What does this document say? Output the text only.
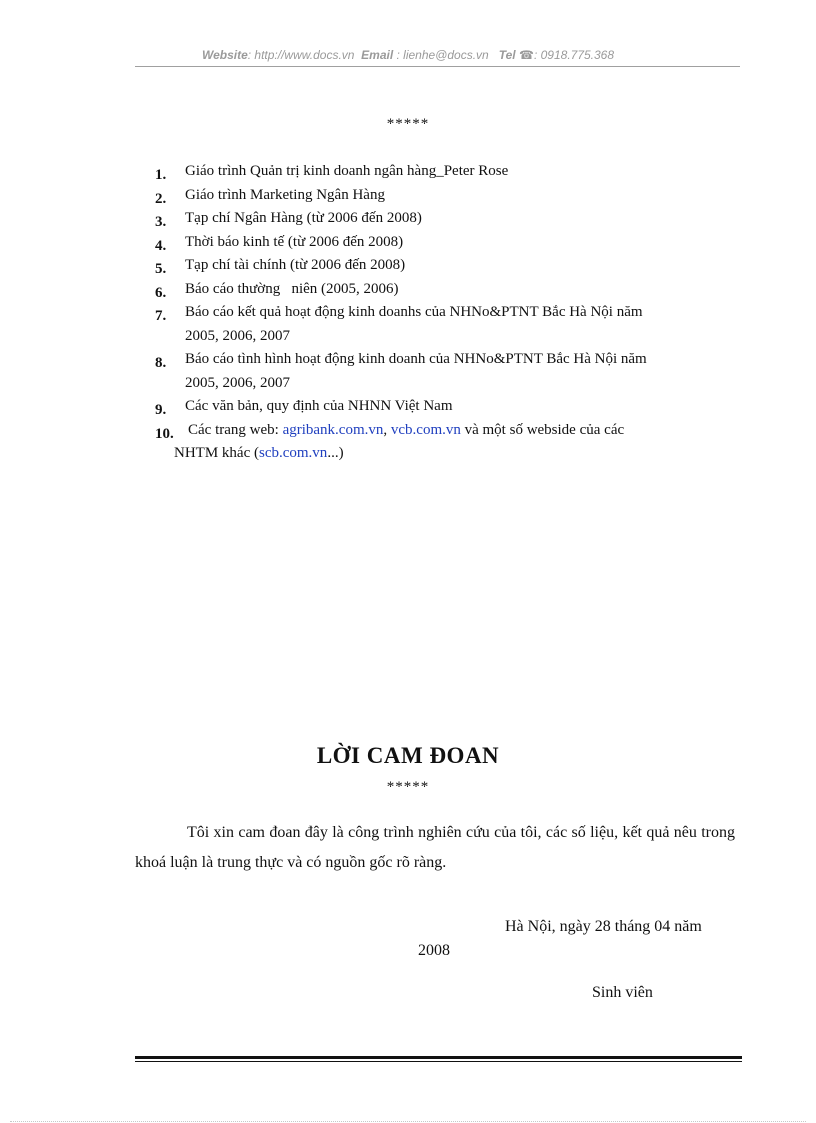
Website: http://www.docs.vn Email : lienhe@docs.vn Tel ☎: 0918.775.368
*****
1.	Giáo trình Quản trị kinh doanh ngân hàng_Peter Rose
2.	Giáo trình Marketing Ngân Hàng
3.	Tạp chí Ngân Hàng (từ 2006 đến 2008)
4.	Thời báo kinh tế (từ 2006 đến 2008)
5.	Tạp chí tài chính (từ 2006 đến 2008)
6.	Báo cáo thường   niên (2005, 2006)
7.	Báo cáo kết quả hoạt động kinh doanhs của NHNo&PTNT Bắc Hà Nội năm
2005, 2006, 2007
8.	Báo cáo tình hình hoạt động kinh doanh của NHNo&PTNT Bắc Hà Nội năm
2005, 2006, 2007
9.	Các văn bản, quy định của NHNN Việt Nam
10. Các trang web: agribank.com.vn, vcb.com.vn và một số webside của các
NHTM khác (scb.com.vn...)
LỜI CAM ĐOAN
*****
Tôi xin cam đoan đây là công trình nghiên cứu của tôi, các số liệu, kết quả nêu trong khoá luận là trung thực và có nguồn gốc rõ ràng.
Hà Nội, ngày 28 tháng 04 năm
2008
Sinh viên
